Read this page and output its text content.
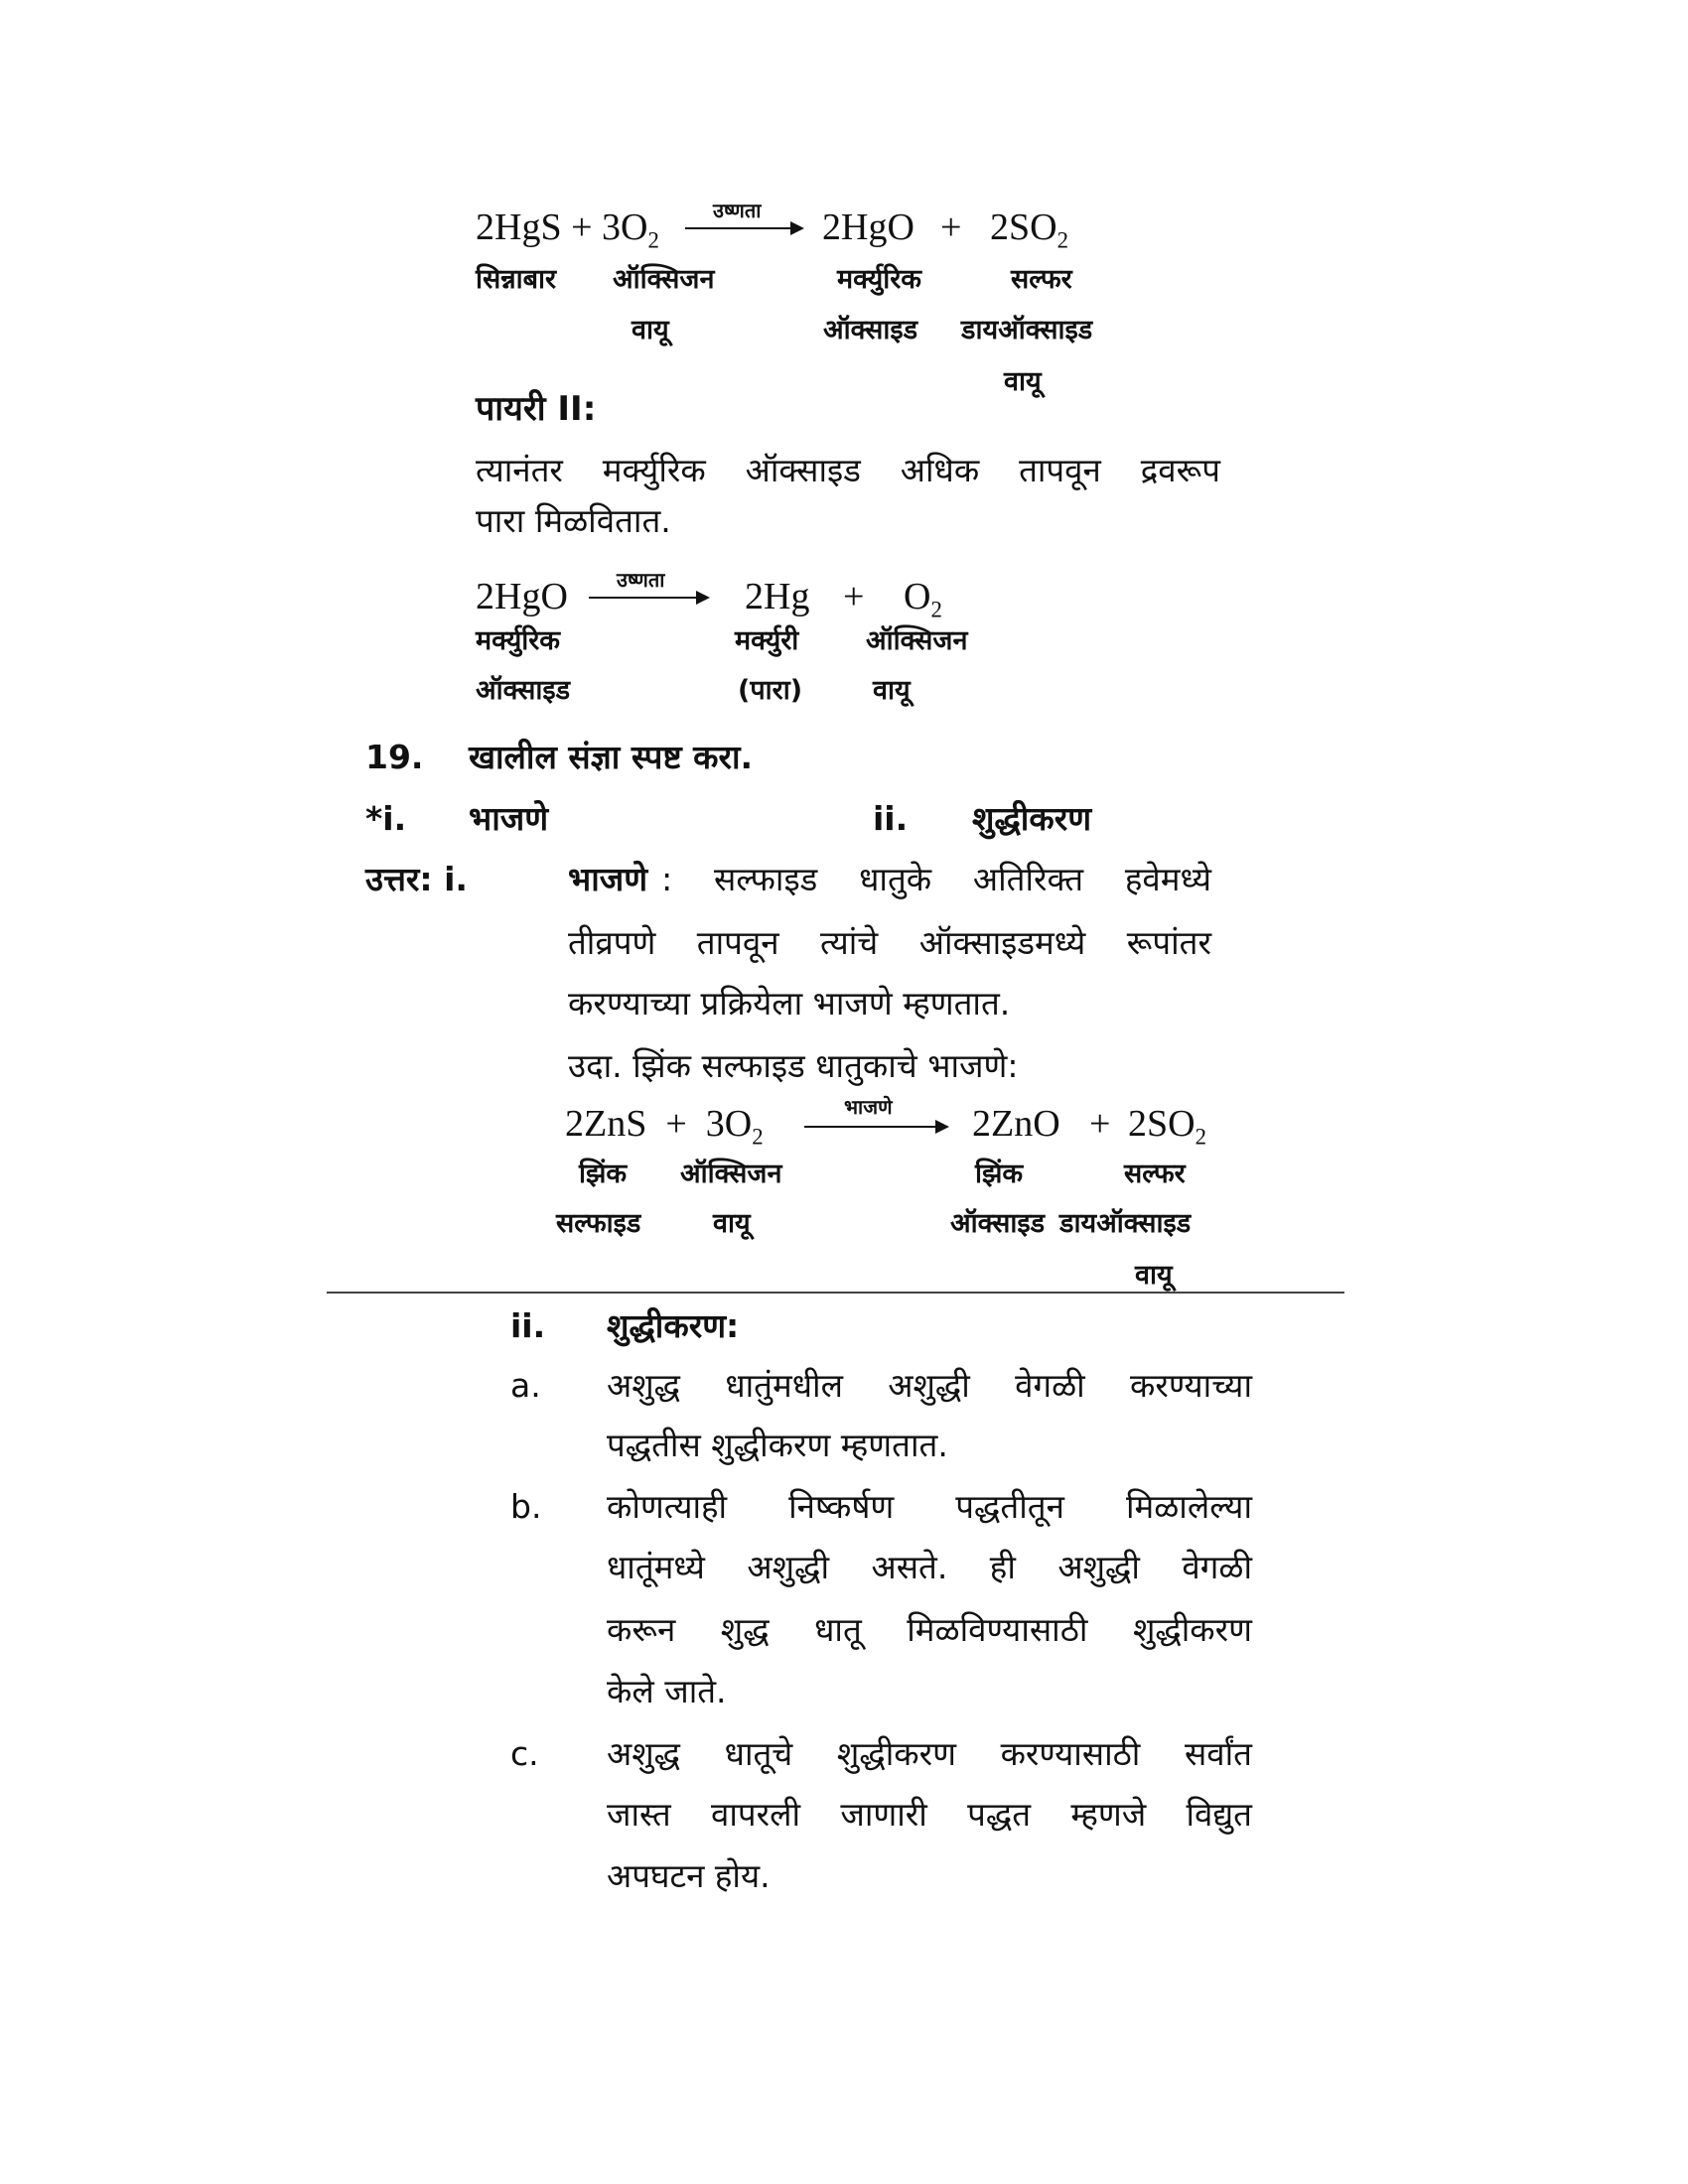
$2HgS + 3O_2$
उष्णता $2HgO + 2SO_2$
सिन्नाबार ऑक्सिजन
वायू
मर्क्युरिक
ऑक्साइड
सल्फर
डायऑक्साइड
वायू
पायरी II:
त्यानंतर मर्क्युरिक ऑक्साइड अधिक तापवून द्रवरूप
पारा मिळवितात.
2HgO उष्णता $2Hg + O_2$
मर्क्युरिक
ऑक्साइड
मर्क्युरी
(पारा)
ऑक्सिजन
वायू
19. खालील संज्ञा स्पष्ट करा.
*i. भाजणे	ii. शुद्धीकरण
उत्तर: i.	भाजणे : सल्फाइड धातुके अतिरिक्त हवेमध्ये
तीव्रपणे तापवून त्यांचे ऑक्साइडमध्ये रूपांतर
करण्याच्या प्रक्रियेला भाजणे म्हणतात.
उदा. झिंक सल्फाइड धातुकाचे भाजणे:
$2ZnS + 3O_2$
भाजणे $2ZnO + 2SO_2$
झिंक ऑक्सिजन
सल्फाइड	वायू
झिंक
ऑक्साइड
सल्फर
डायऑक्साइड
वायू
ii. शुद्धीकरण:
a. अशुद्ध धातुंमधील अशुद्धी वेगळी करण्याच्या
पद्धतीस शुद्धीकरण म्हणतात.
b. कोणत्याही निष्कर्षण पद्धतीतून मिळालेल्या
धातूंमध्ये अशुद्धी असते. ही अशुद्धी वेगळी
करून शुद्ध धातू मिळविण्यासाठी शुद्धीकरण
केले जाते.
c. अशुद्ध धातूचे शुद्धीकरण करण्यासाठी सर्वांत
जास्त वापरली जाणारी पद्धत म्हणजे विद्युत
अपघटन होय.
